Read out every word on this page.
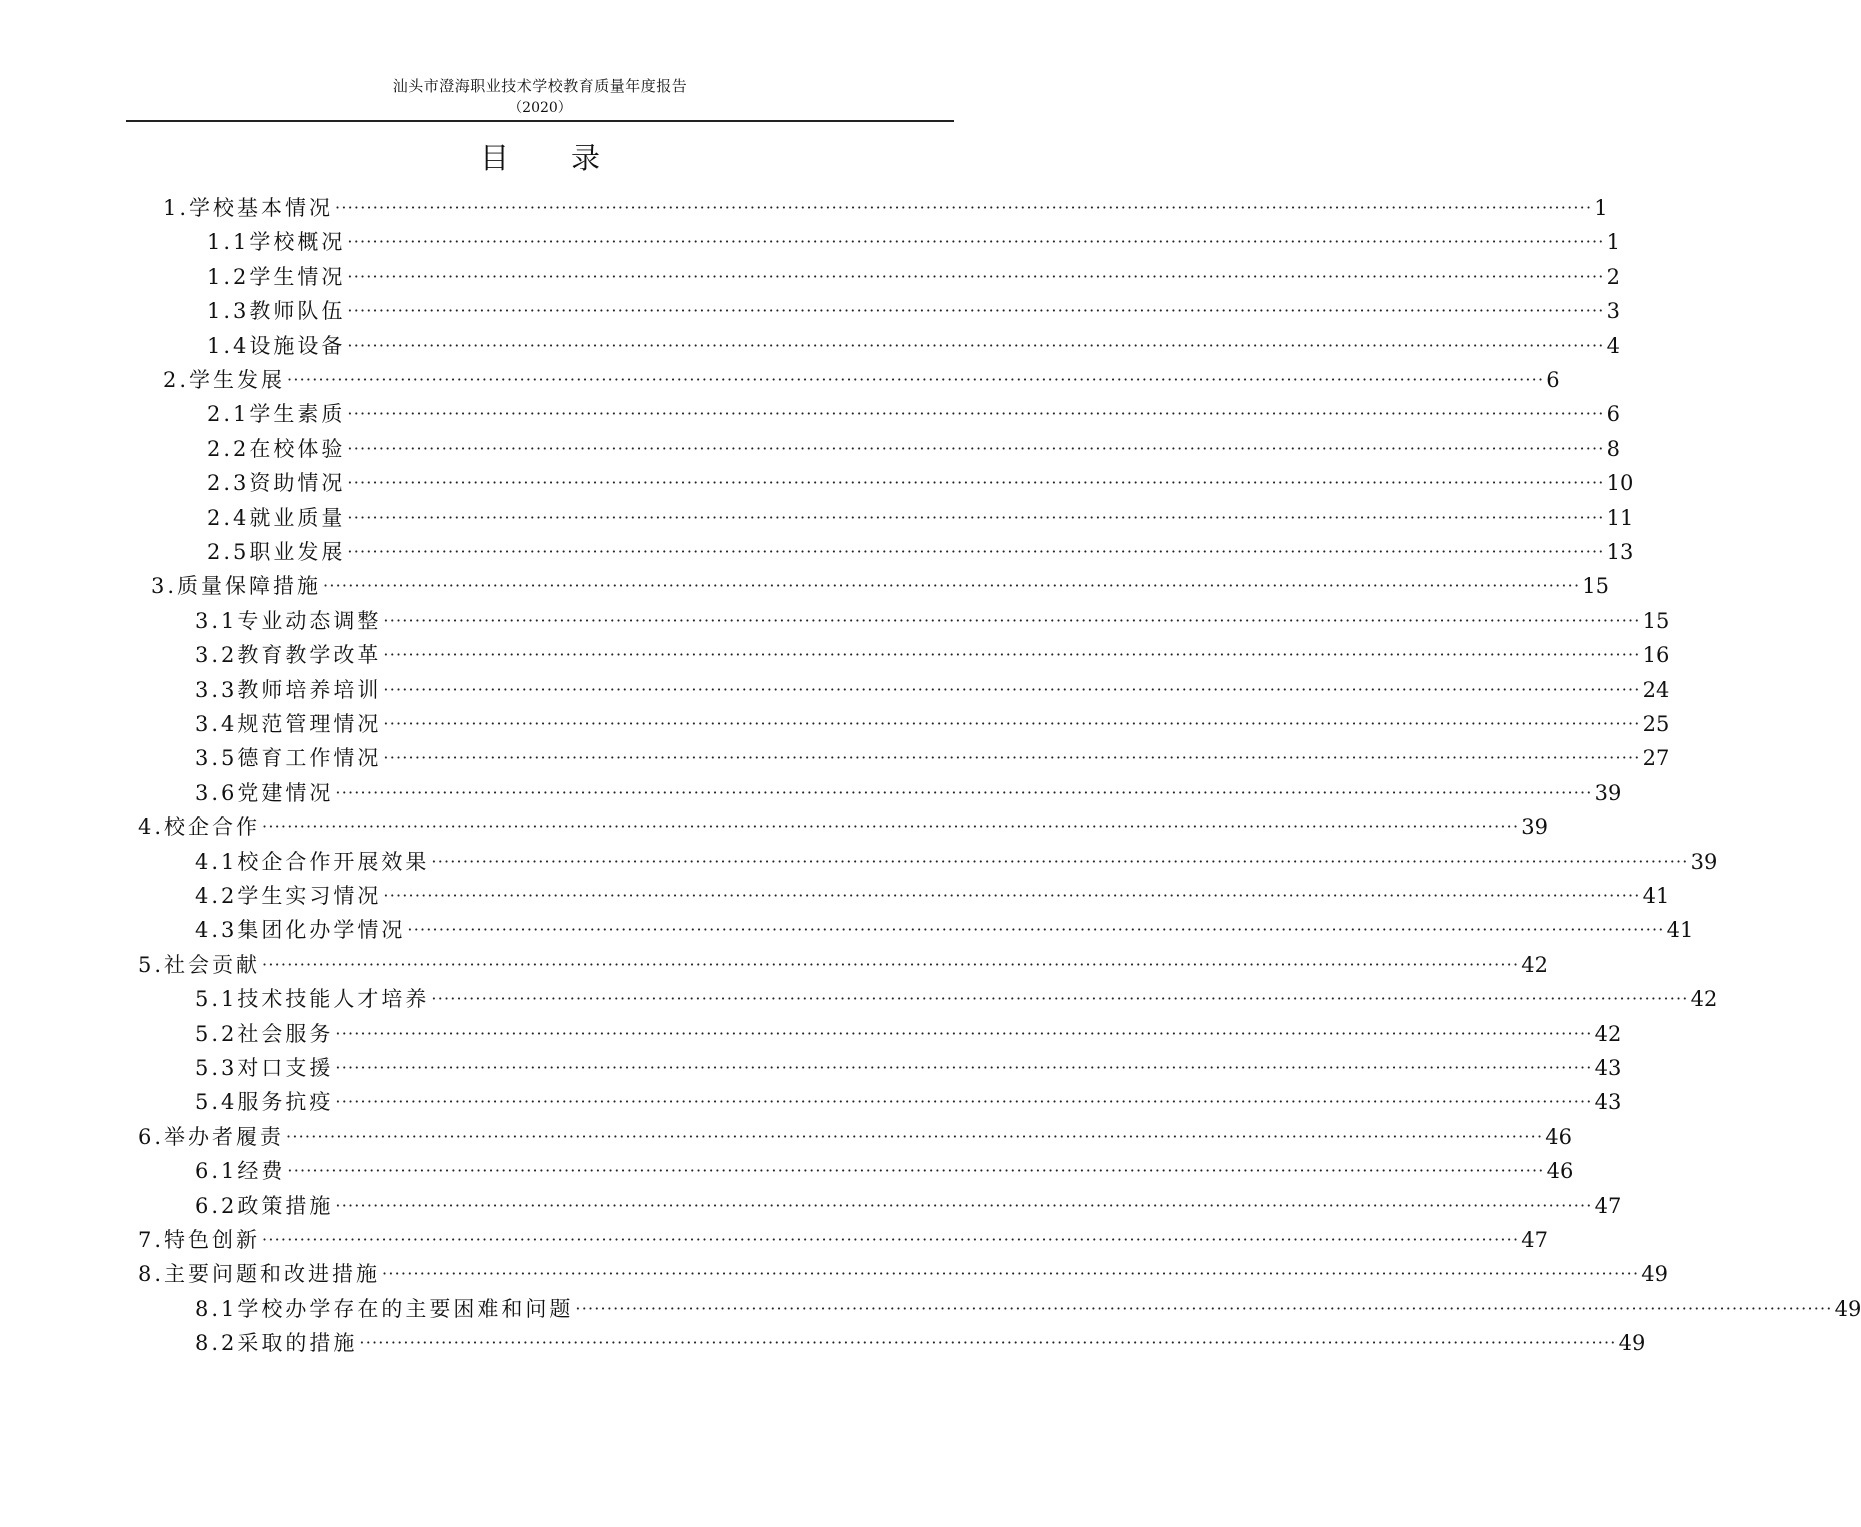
汕头市澄海职业技术学校教育质量年度报告
（2020）
目录
1.学校基本情况 ········································································································································································································ 1
1.1学校概况 ········································································································································································································ 1
1.2学生情况 ········································································································································································································ 2
1.3教师队伍 ········································································································································································································ 3
1.4设施设备 ········································································································································································································ 4
2.学生发展 ········································································································································································································ 6
2.1学生素质 ········································································································································································································ 6
2.2在校体验 ········································································································································································································ 8
2.3资助情况 ········································································································································································································ 10
2.4就业质量 ········································································································································································································ 11
2.5职业发展 ········································································································································································································ 13
3.质量保障措施 ········································································································································································································ 15
3.1专业动态调整 ········································································································································································································ 15
3.2教育教学改革 ········································································································································································································ 16
3.3教师培养培训 ········································································································································································································ 24
3.4规范管理情况 ········································································································································································································ 25
3.5德育工作情况 ········································································································································································································ 27
3.6党建情况 ········································································································································································································ 39
4.校企合作 ········································································································································································································ 39
4.1校企合作开展效果 ········································································································································································································ 39
4.2学生实习情况 ········································································································································································································ 41
4.3集团化办学情况 ········································································································································································································ 41
5.社会贡献 ········································································································································································································ 42
5.1技术技能人才培养 ········································································································································································································ 42
5.2社会服务 ········································································································································································································ 42
5.3对口支援 ········································································································································································································ 43
5.4服务抗疫 ········································································································································································································ 43
6.举办者履责 ········································································································································································································ 46
6.1经费 ········································································································································································································ 46
6.2政策措施 ········································································································································································································ 47
7.特色创新 ········································································································································································································ 47
8.主要问题和改进措施 ········································································································································································································ 49
8.1学校办学存在的主要困难和问题 ········································································································································································································ 49
8.2采取的措施 ········································································································································································································ 49
